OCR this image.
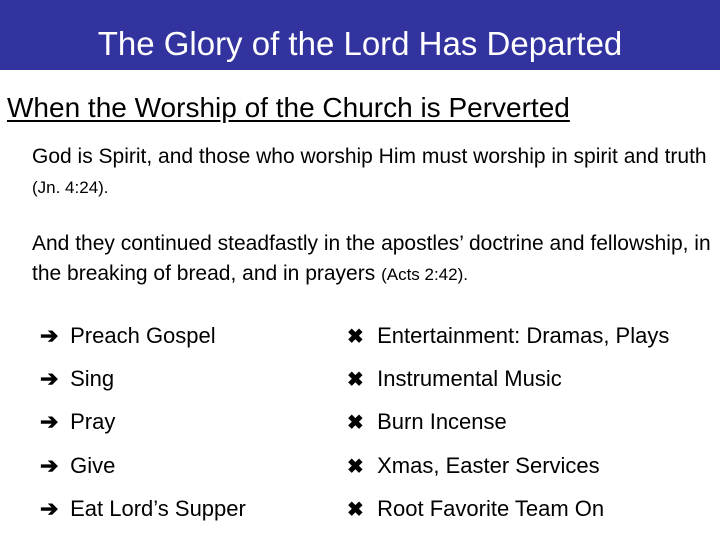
The Glory of the Lord Has Departed
When the Worship of the Church is Perverted
God is Spirit, and those who worship Him must worship in spirit and truth (Jn. 4:24).
And they continued steadfastly in the apostles’ doctrine and fellowship, in the breaking of bread, and in prayers (Acts 2:42).
➔ Preach Gospel	✖ Entertainment: Dramas, Plays
➔ Sing	✖ Instrumental Music
➔ Pray	✖ Burn Incense
➔ Give	✖ Xmas, Easter Services
➔ Eat Lord’s Supper	✖ Root Favorite Team On
